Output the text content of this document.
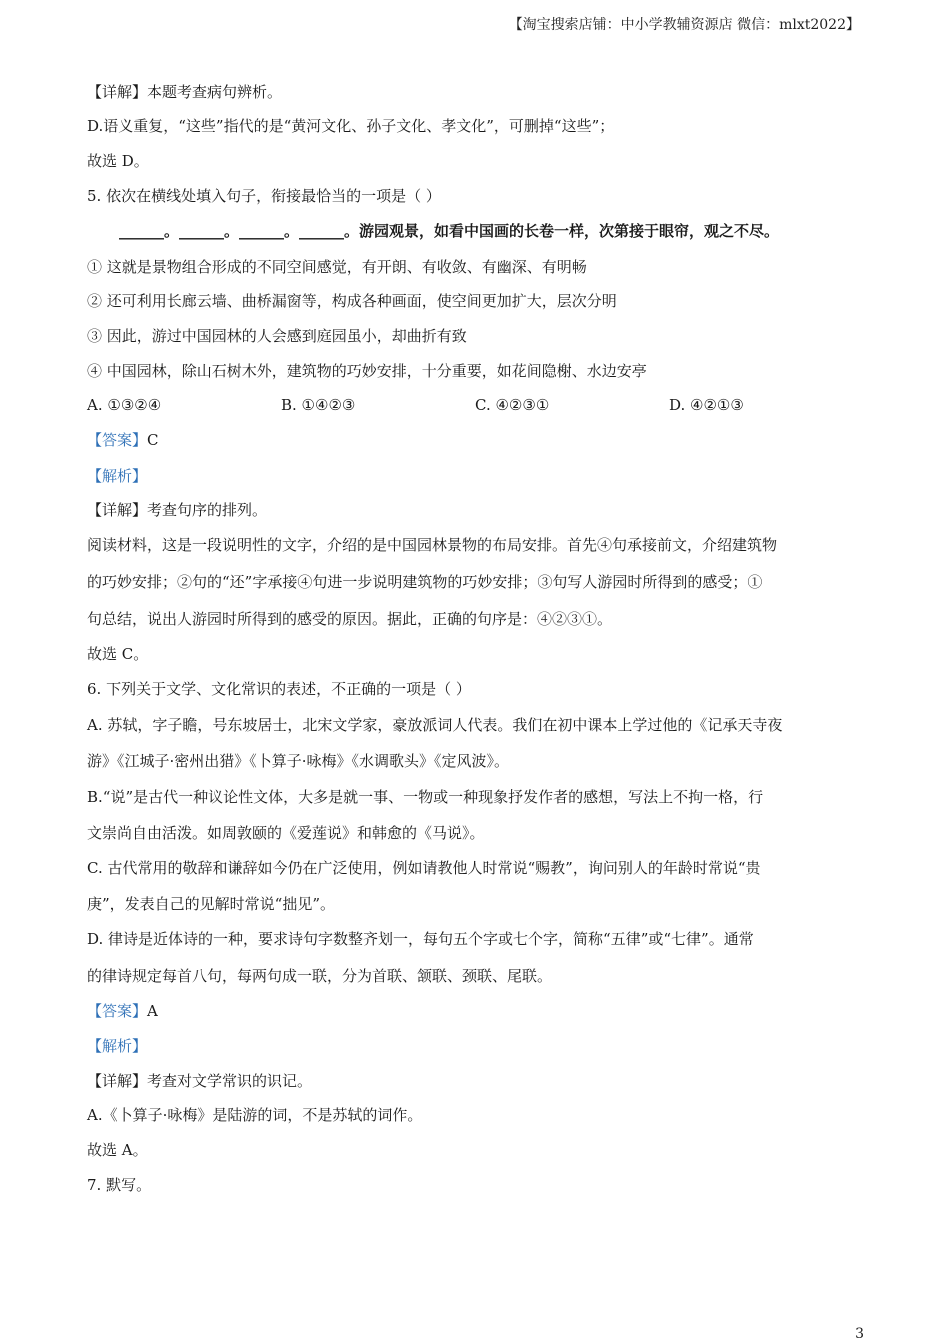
【淘宝搜索店铺：中小学教辅资源店 微信：mlxt2022】
【详解】本题考查病句辨析。
D.语义重复，“这些”指代的是“黄河文化、孙子文化、孝文化”，可删掉“这些”；
故选 D。
5. 依次在横线处填入句子，衔接最恰当的一项是（ ）
______。______。______。______。游园观景，如看中国画的长卷一样，次第接于眼帘，观之不尽。
① 这就是景物组合形成的不同空间感觉，有开朗、有收敛、有幽深、有明畅
② 还可利用长廊云墙、曲桥漏窗等，构成各种画面，使空间更加扩大，层次分明
③ 因此，游过中国园林的人会感到庭园虽小，却曲折有致
④ 中国园林，除山石树木外，建筑物的巧妙安排，十分重要，如花间隐榭、水边安亭
A. ①③②④	B. ①④②③	C. ④②③①	D. ④②①③
【答案】C
【解析】
【详解】考查句序的排列。
阅读材料，这是一段说明性的文字，介绍的是中国园林景物的布局安排。首先④句承接前文，介绍建筑物
的巧妙安排；②句的“还”字承接④句进一步说明建筑物的巧妙安排；③句写人游园时所得到的感受；①
句总结，说出人游园时所得到的感受的原因。据此，正确的句序是：④②③①。
故选 C。
6. 下列关于文学、文化常识的表述，不正确的一项是（ ）
A. 苏轼，字子瞻，号东坡居士，北宋文学家，豪放派词人代表。我们在初中课本上学过他的《记承天寺夜
游》《江城子·密州出猎》《卜算子·咏梅》《水调歌头》《定风波》。
B.“说”是古代一种议论性文体，大多是就一事、一物或一种现象抒发作者的感想，写法上不拘一格，行
文崇尚自由活泼。如周敦颐的《爱莲说》和韩愈的《马说》。
C. 古代常用的敬辞和谦辞如今仍在广泛使用，例如请教他人时常说“赐教”，询问别人的年龄时常说“贵
庚”，发表自己的见解时常说“拙见”。
D. 律诗是近体诗的一种，要求诗句字数整齐划一，每句五个字或七个字，简称“五律”或“七律”。通常
的律诗规定每首八句，每两句成一联，分为首联、颔联、颈联、尾联。
【答案】A
【解析】
【详解】考查对文学常识的识记。
A.《卜算子·咏梅》是陆游的词，不是苏轼的词作。
故选 A。
7. 默写。
3
